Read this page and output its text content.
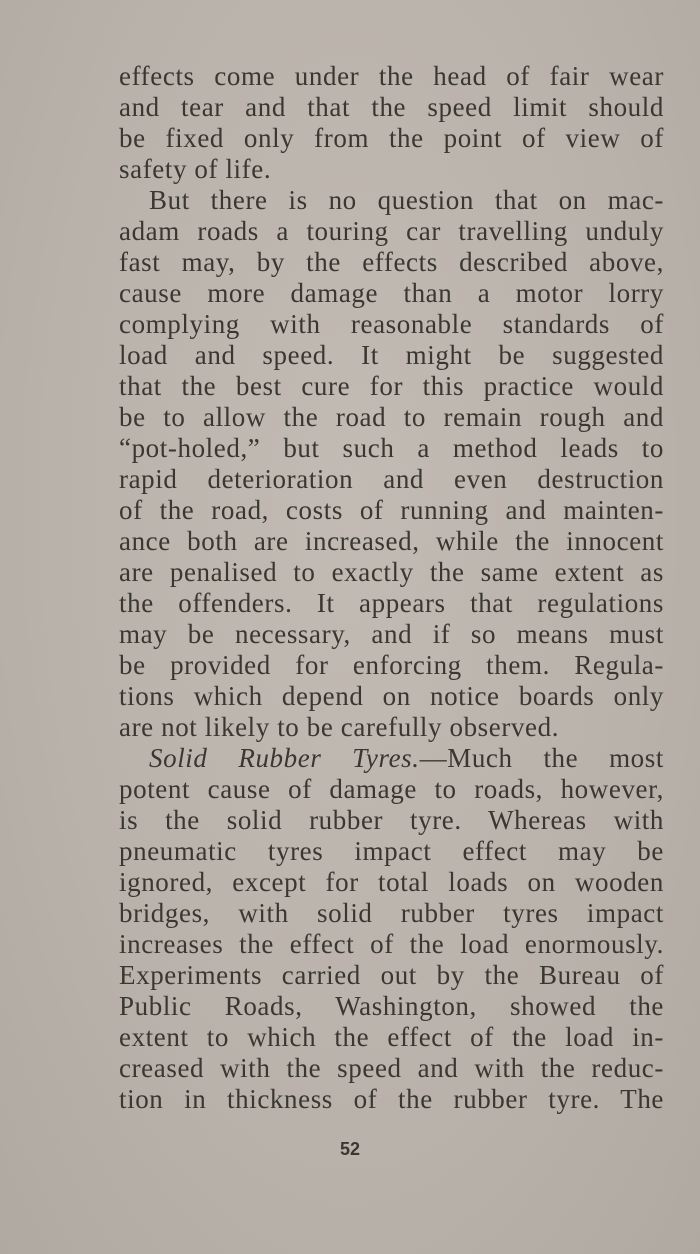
effects come under the head of fair wear
and tear and that the speed limit should
be fixed only from the point of view of
safety of life.
But there is no question that on mac-
adam roads a touring car travelling unduly
fast may, by the effects described above,
cause more damage than a motor lorry
complying with reasonable standards of
load and speed. It might be suggested
that the best cure for this practice would
be to allow the road to remain rough and
“pot-holed,” but such a method leads to
rapid deterioration and even destruction
of the road, costs of running and mainten-
ance both are increased, while the innocent
are penalised to exactly the same extent as
the offenders. It appears that regulations
may be necessary, and if so means must
be provided for enforcing them. Regula-
tions which depend on notice boards only
are not likely to be carefully observed.
Solid Rubber Tyres.—Much the most
potent cause of damage to roads, however,
is the solid rubber tyre. Whereas with
pneumatic tyres impact effect may be
ignored, except for total loads on wooden
bridges, with solid rubber tyres impact
increases the effect of the load enormously.
Experiments carried out by the Bureau of
Public Roads, Washington, showed the
extent to which the effect of the load in-
creased with the speed and with the reduc-
tion in thickness of the rubber tyre. The
52
